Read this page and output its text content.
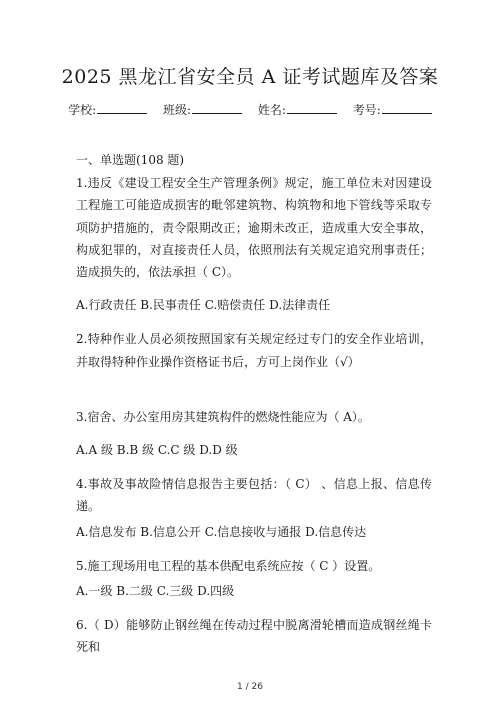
2025 黑龙江省安全员 A 证考试题库及答案
学校:	班级:	姓名:	考号:

一、单选题(108 题)

1.违反《建设工程安全生产管理条例》规定，施工单位未对因建设工程施工可能造成损害的毗邻建筑物、构筑物和地下管线等采取专项防护措施的，责令限期改正；逾期未改正，造成重大安全事故，构成犯罪的，对直接责任人员，依照刑法有关规定追究刑事责任；造成损失的，依法承担（ C）。

A.行政责任 B.民事责任 C.赔偿责任 D.法律责任

2.特种作业人员必须按照国家有关规定经过专门的安全作业培训，并取得特种作业操作资格证书后，方可上岗作业（√）

3.宿舍、办公室用房其建筑构件的燃烧性能应为（ A）。

A.A 级 B.B 级 C.C 级 D.D 级

4.事故及事故险情信息报告主要包括：（ C） 、信息上报、信息传递。

A.信息发布 B.信息公开 C.信息接收与通报 D.信息传达

5.施工现场用电工程的基本供配电系统应按（ C ）设置。

A.一级 B.二级 C.三级 D.四级

6.（ D）能够防止钢丝绳在传动过程中脱离滑轮槽而造成钢丝绳卡死和

1 / 26
